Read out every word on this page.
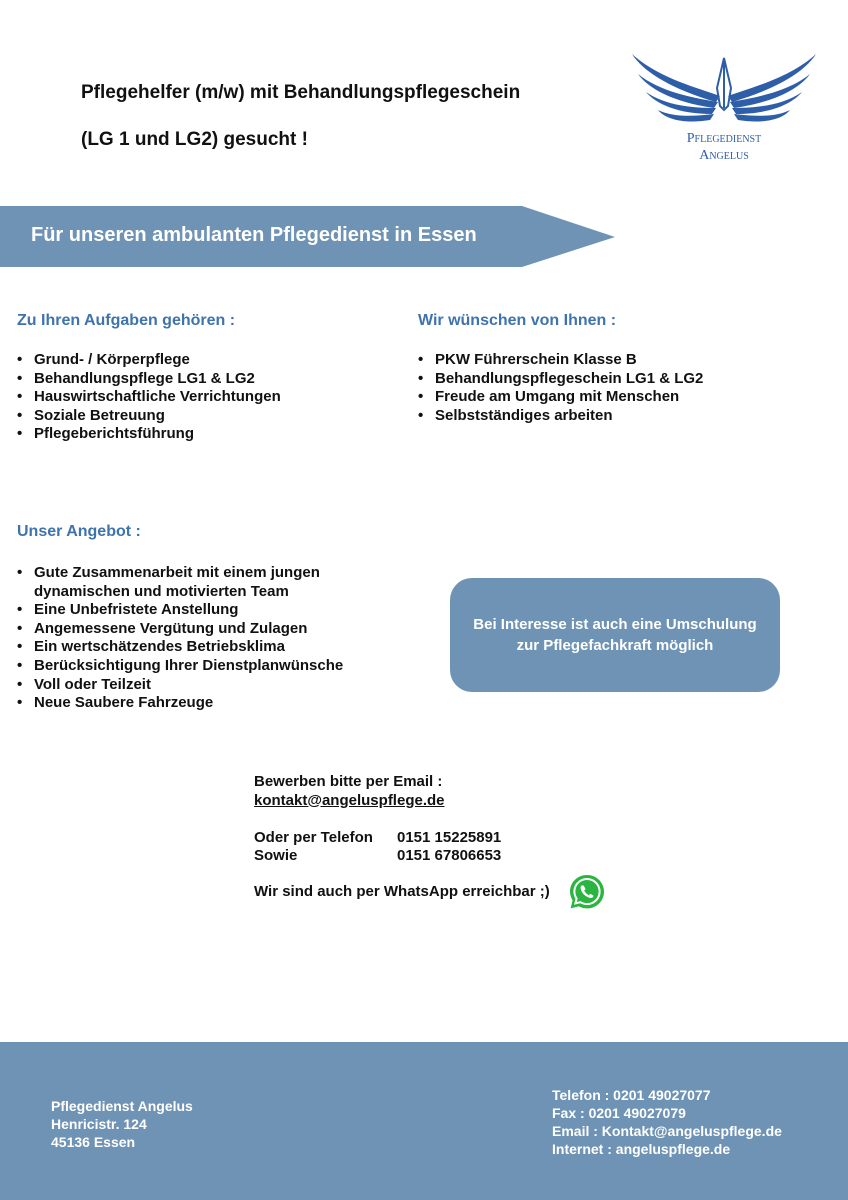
Pflegehelfer (m/w) mit Behandlungspflegeschein
(LG 1 und LG2) gesucht !	Pflegedienst
Angelus
Für unseren ambulanten Pflegedienst in Essen
Zu Ihren Aufgaben gehören :
• Grund- / Körperpflege
• Behandlungspflege LG1 & LG2
• Hauswirtschaftliche Verrichtungen
• Soziale Betreuung
• Pflegeberichtsführung
Wir wünschen von Ihnen :
• PKW Führerschein Klasse B
• Behandlungspflegeschein LG1 & LG2
• Freude am Umgang mit Menschen
• Selbstständiges arbeiten
Unser Angebot :
• Gute Zusammenarbeit mit einem jungen dynamischen und motivierten Team
• Eine Unbefristete Anstellung
• Angemessene Vergütung und Zulagen
• Ein wertschätzendes Betriebsklima
• Berücksichtigung Ihrer Dienstplanwünsche
• Voll oder Teilzeit
• Neue Saubere Fahrzeuge
Bei Interesse ist auch eine Umschulung zur Pflegefachkraft möglich
Bewerben bitte per Email :
kontakt@angeluspflege.de
Oder per Telefon 0151 15225891
Sowie	0151 67806653
Wir sind auch per WhatsApp erreichbar ;)
Pflegedienst Angelus
Henricistr. 124
45136 Essen
Telefon : 0201 49027077
Fax : 0201 49027079
Email : Kontakt@angeluspflege.de
Internet : angeluspflege.de
